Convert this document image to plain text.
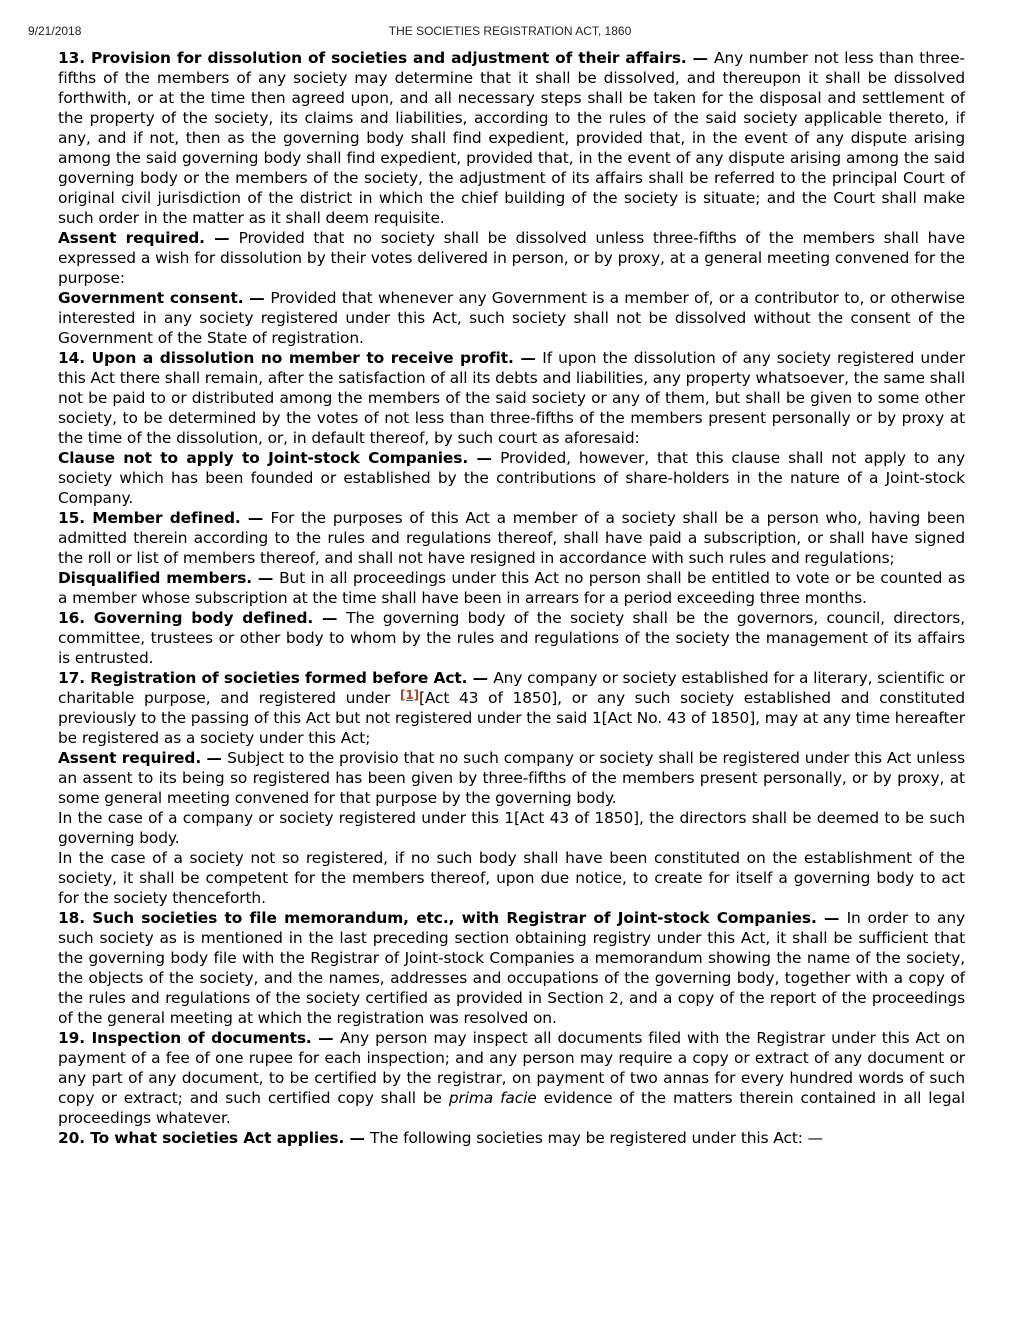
9/21/2018	THE SOCIETIES REGISTRATION ACT, 1860

13. Provision for dissolution of societies and adjustment of their affairs. — Any number not less than three-fifths of the members of any society may determine that it shall be dissolved, and thereupon it shall be dissolved forthwith, or at the time then agreed upon, and all necessary steps shall be taken for the disposal and settlement of the property of the society, its claims and liabilities, according to the rules of the said society applicable thereto, if any, and if not, then as the governing body shall find expedient, provided that, in the event of any dispute arising among the said governing body shall find expedient, provided that, in the event of any dispute arising among the said governing body or the members of the society, the adjustment of its affairs shall be referred to the principal Court of original civil jurisdiction of the district in which the chief building of the society is situate; and the Court shall make such order in the matter as it shall deem requisite.

Assent required. — Provided that no society shall be dissolved unless three-fifths of the members shall have expressed a wish for dissolution by their votes delivered in person, or by proxy, at a general meeting convened for the purpose:

Government consent. — Provided that whenever any Government is a member of, or a contributor to, or otherwise interested in any society registered under this Act, such society shall not be dissolved without the consent of the Government of the State of registration.

14. Upon a dissolution no member to receive profit. — If upon the dissolution of any society registered under this Act there shall remain, after the satisfaction of all its debts and liabilities, any property whatsoever, the same shall not be paid to or distributed among the members of the said society or any of them, but shall be given to some other society, to be determined by the votes of not less than three-fifths of the members present personally or by proxy at the time of the dissolution, or, in default thereof, by such court as aforesaid:

Clause not to apply to Joint-stock Companies. — Provided, however, that this clause shall not apply to any society which has been founded or established by the contributions of share-holders in the nature of a Joint-stock Company.

15. Member defined. — For the purposes of this Act a member of a society shall be a person who, having been admitted therein according to the rules and regulations thereof, shall have paid a subscription, or shall have signed the roll or list of members thereof, and shall not have resigned in accordance with such rules and regulations;

Disqualified members. — But in all proceedings under this Act no person shall be entitled to vote or be counted as a member whose subscription at the time shall have been in arrears for a period exceeding three months.

16. Governing body defined. — The governing body of the society shall be the governors, council, directors, committee, trustees or other body to whom by the rules and regulations of the society the management of its affairs is entrusted.

17. Registration of societies formed before Act. — Any company or society established for a literary, scientific or charitable purpose, and registered under [1][Act 43 of 1850], or any such society established and constituted previously to the passing of this Act but not registered under the said 1[Act No. 43 of 1850], may at any time hereafter be registered as a society under this Act;

Assent required. — Subject to the provisio that no such company or society shall be registered under this Act unless an assent to its being so registered has been given by three-fifths of the members present personally, or by proxy, at some general meeting convened for that purpose by the governing body.

In the case of a company or society registered under this 1[Act 43 of 1850], the directors shall be deemed to be such governing body.

In the case of a society not so registered, if no such body shall have been constituted on the establishment of the society, it shall be competent for the members thereof, upon due notice, to create for itself a governing body to act for the society thenceforth.

18. Such societies to file memorandum, etc., with Registrar of Joint-stock Companies. — In order to any such society as is mentioned in the last preceding section obtaining registry under this Act, it shall be sufficient that the governing body file with the Registrar of Joint-stock Companies a memorandum showing the name of the society, the objects of the society, and the names, addresses and occupations of the governing body, together with a copy of the rules and regulations of the society certified as provided in Section 2, and a copy of the report of the proceedings of the general meeting at which the registration was resolved on.

19. Inspection of documents. — Any person may inspect all documents filed with the Registrar under this Act on payment of a fee of one rupee for each inspection; and any person may require a copy or extract of any document or any part of any document, to be certified by the registrar, on payment of two annas for every hundred words of such copy or extract; and such certified copy shall be prima facie evidence of the matters therein contained in all legal proceedings whatever.

20. To what societies Act applies. — The following societies may be registered under this Act: —
